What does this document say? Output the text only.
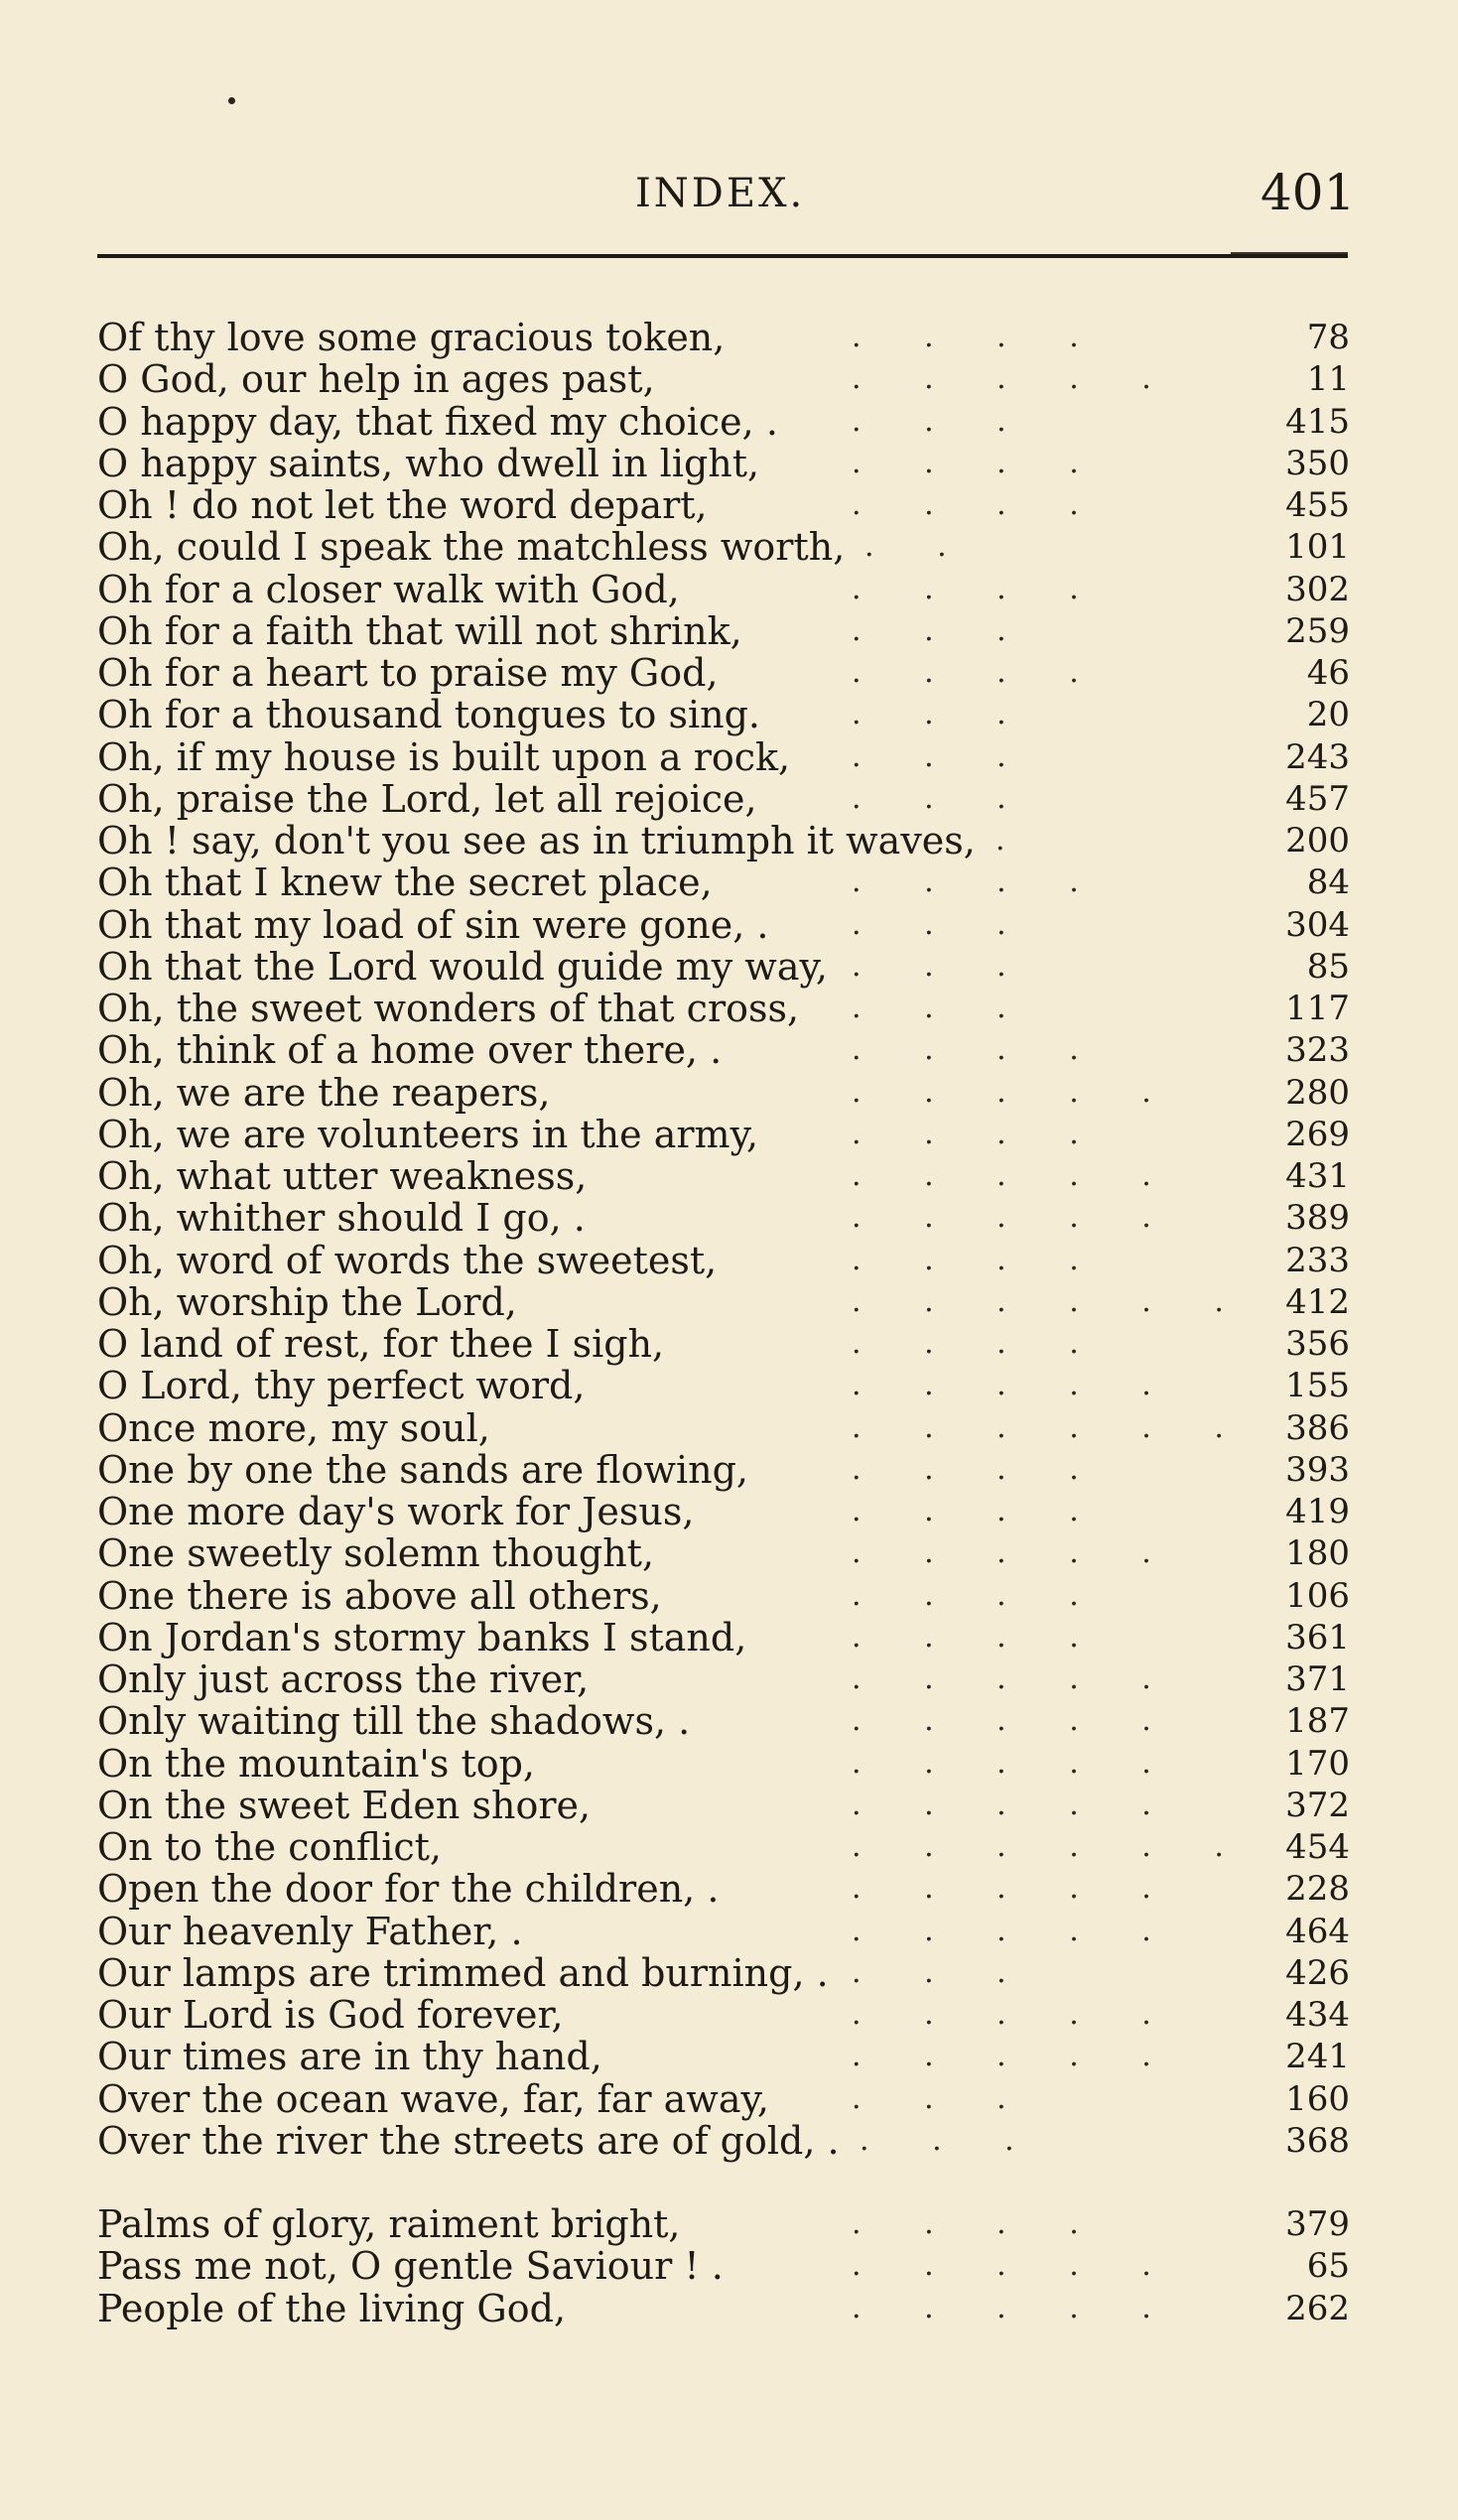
INDEX.	401
Of thy love some gracious token,	. . . .	78
O God, our help in ages past,	. . . . .	11
O happy day, that fixed my choice, . . . .	415
O happy saints, who dwell in light,	. . . .	350
Oh ! do not let the word depart,	. . . .	455
Oh, could I speak the matchless worth, . .	101
Oh for a closer walk with God,	. . . .	302
Oh for a faith that will not shrink,	. . .	259
Oh for a heart to praise my God,	. . . .	46
Oh for a thousand tongues to sing.	. . .	20
Oh, if my house is built upon a rock, . . .	243
Oh, praise the Lord, let all rejoice,	. . .	457
Oh ! say, don't you see as in triumph it waves, .	200
Oh that I knew the secret place,	. . . .	84
Oh that my load of sin were gone, .	. . .	304
Oh that the Lord would guide my way, . . .	85
Oh, the sweet wonders of that cross, . . .	117
Oh, think of a home over there, .	. . . .	323
Oh, we are the reapers,	. . . . .	280
Oh, we are volunteers in the army,	. . . .	269
Oh, what utter weakness,	. . . . .	431
Oh, whither should I go, .	. . . . .	389
Oh, word of words the sweetest,	. . . .	233
Oh, worship the Lord,	. . . . . .	412
O land of rest, for thee I sigh,	. . . .	356
O Lord, thy perfect word,	. . . . .	155
Once more, my soul,	. . . . . .	386
One by one the sands are flowing,	. . . .	393
One more day's work for Jesus,	. . . .	419
One sweetly solemn thought,	. . . . .	180
One there is above all others,	. . . .	106
On Jordan's stormy banks I stand,	. . . .	361
Only just across the river,	. . . . .	371
Only waiting till the shadows, .	. . . . .	187
On the mountain's top,	. . . . .	170
On the sweet Eden shore,	. . . . .	372
On to the conflict,	. . . . . .	454
Open the door for the children, .	. . . . .	228
Our heavenly Father, .	. . . . .	464
Our lamps are trimmed and burning, . . . .	426
Our Lord is God forever,	. . . . .	434
Our times are in thy hand,	. . . . .	241
Over the ocean wave, far, far away,	. . .	160
Over the river the streets are of gold, . . . .	368
Palms of glory, raiment bright,	. . . .	379
Pass me not, O gentle Saviour ! .	. . . . .	65
People of the living God,	. . . . .	262
